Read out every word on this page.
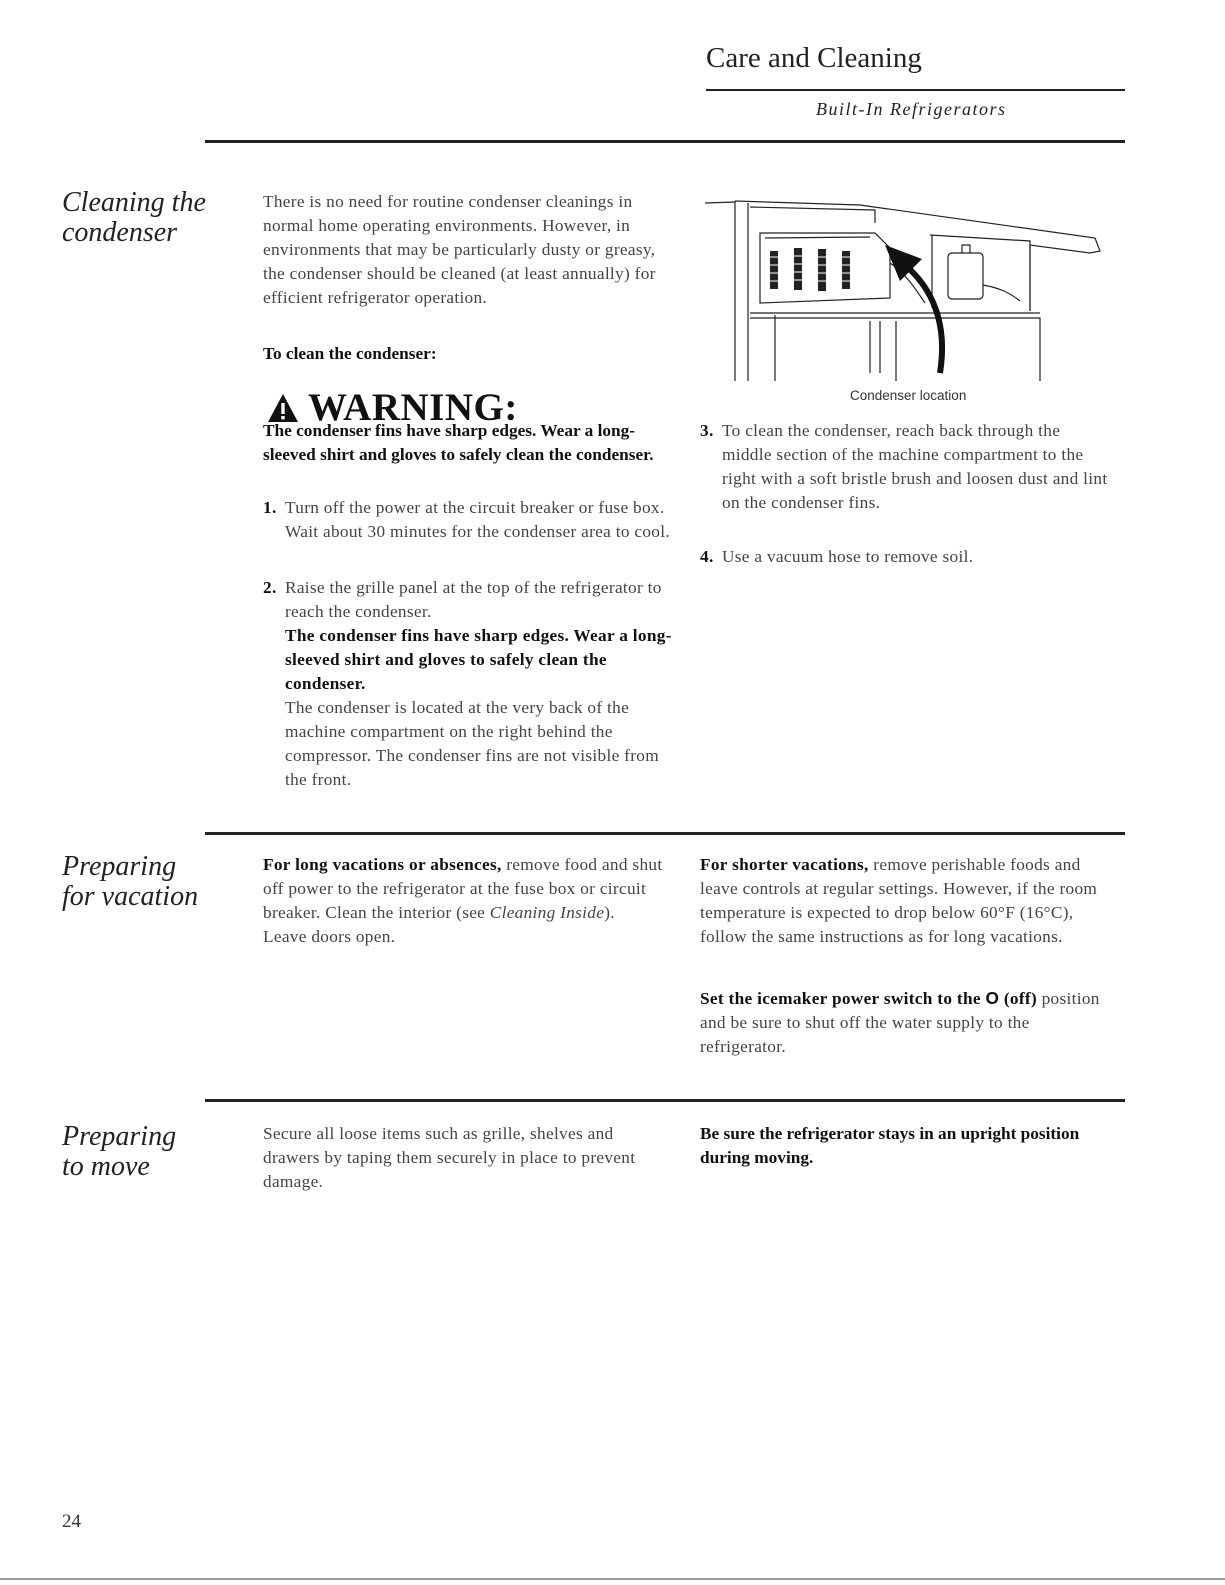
Care and Cleaning
Built-In Refrigerators
Cleaning the
condenser
There is no need for routine condenser cleanings in normal home operating environments. However, in environments that may be particularly dusty or greasy, the condenser should be cleaned (at least annually) for efficient refrigerator operation.
To clean the condenser:
WARNING:
The condenser fins have sharp edges. Wear a long-sleeved shirt and gloves to safely clean the condenser.
1. Turn off the power at the circuit breaker or fuse box. Wait about 30 minutes for the condenser area to cool.
2. Raise the grille panel at the top of the refrigerator to reach the condenser.
The condenser fins have sharp edges. Wear a long-sleeved shirt and gloves to safely clean the condenser.
The condenser is located at the very back of the machine compartment on the right behind the compressor. The condenser fins are not visible from the front.
Condenser location
3. To clean the condenser, reach back through the middle section of the machine compartment to the right with a soft bristle brush and loosen dust and lint on the condenser fins.
4. Use a vacuum hose to remove soil.
Preparing
for vacation
For long vacations or absences, remove food and shut off power to the refrigerator at the fuse box or circuit breaker. Clean the interior (see Cleaning Inside). Leave doors open.
For shorter vacations, remove perishable foods and leave controls at regular settings. However, if the room temperature is expected to drop below 60°F (16°C), follow the same instructions as for long vacations.
Set the icemaker power switch to the O (off) position and be sure to shut off the water supply to the refrigerator.
Preparing
to move
Secure all loose items such as grille, shelves and drawers by taping them securely in place to prevent damage.
Be sure the refrigerator stays in an upright position during moving.
24
